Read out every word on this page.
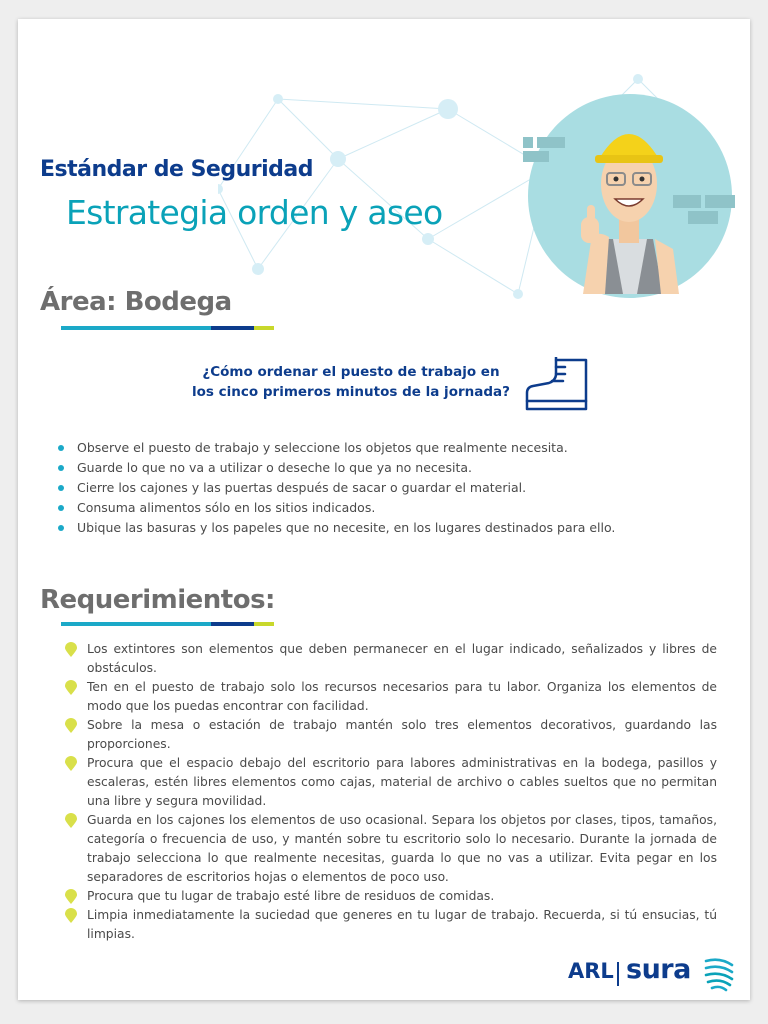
Estándar de Seguridad
Estrategia orden y aseo
Área: Bodega

¿Cómo ordenar el puesto de trabajo en
los cinco primeros minutos de la jornada?

Observe el puesto de trabajo y seleccione los objetos que realmente necesita.
Guarde lo que no va a utilizar o deseche lo que ya no necesita.
Cierre los cajones y las puertas después de sacar o guardar el material.
Consuma alimentos sólo en los sitios indicados.
Ubique las basuras y los papeles que no necesite, en los lugares destinados para ello.
Requerimientos:
Los extintores son elementos que deben permanecer en el lugar indicado, señalizados y libres de obstáculos.
Ten en el puesto de trabajo solo los recursos necesarios para tu labor. Organiza los elementos de modo que los puedas encontrar con facilidad.
Sobre la mesa o estación de trabajo mantén solo tres elementos decorativos, guardando las proporciones.
Procura que el espacio debajo del escritorio para labores administrativas en la bodega, pasillos y escaleras, estén libres elementos como cajas, material de archivo o cables sueltos que no permitan una libre y segura movilidad.
Guarda en los cajones los elementos de uso ocasional. Separa los objetos por clases, tipos, tamaños, categoría o frecuencia de uso, y mantén sobre tu escritorio solo lo necesario. Durante la jornada de trabajo selecciona lo que realmente necesitas, guarda lo que no vas a utilizar. Evita pegar en los separadores de escritorios hojas o elementos de poco uso.
Procura que tu lugar de trabajo esté libre de residuos de comidas.
Limpia inmediatamente la suciedad que generes en tu lugar de trabajo. Recuerda, si tú ensucias, tú limpias.
ARL sura
